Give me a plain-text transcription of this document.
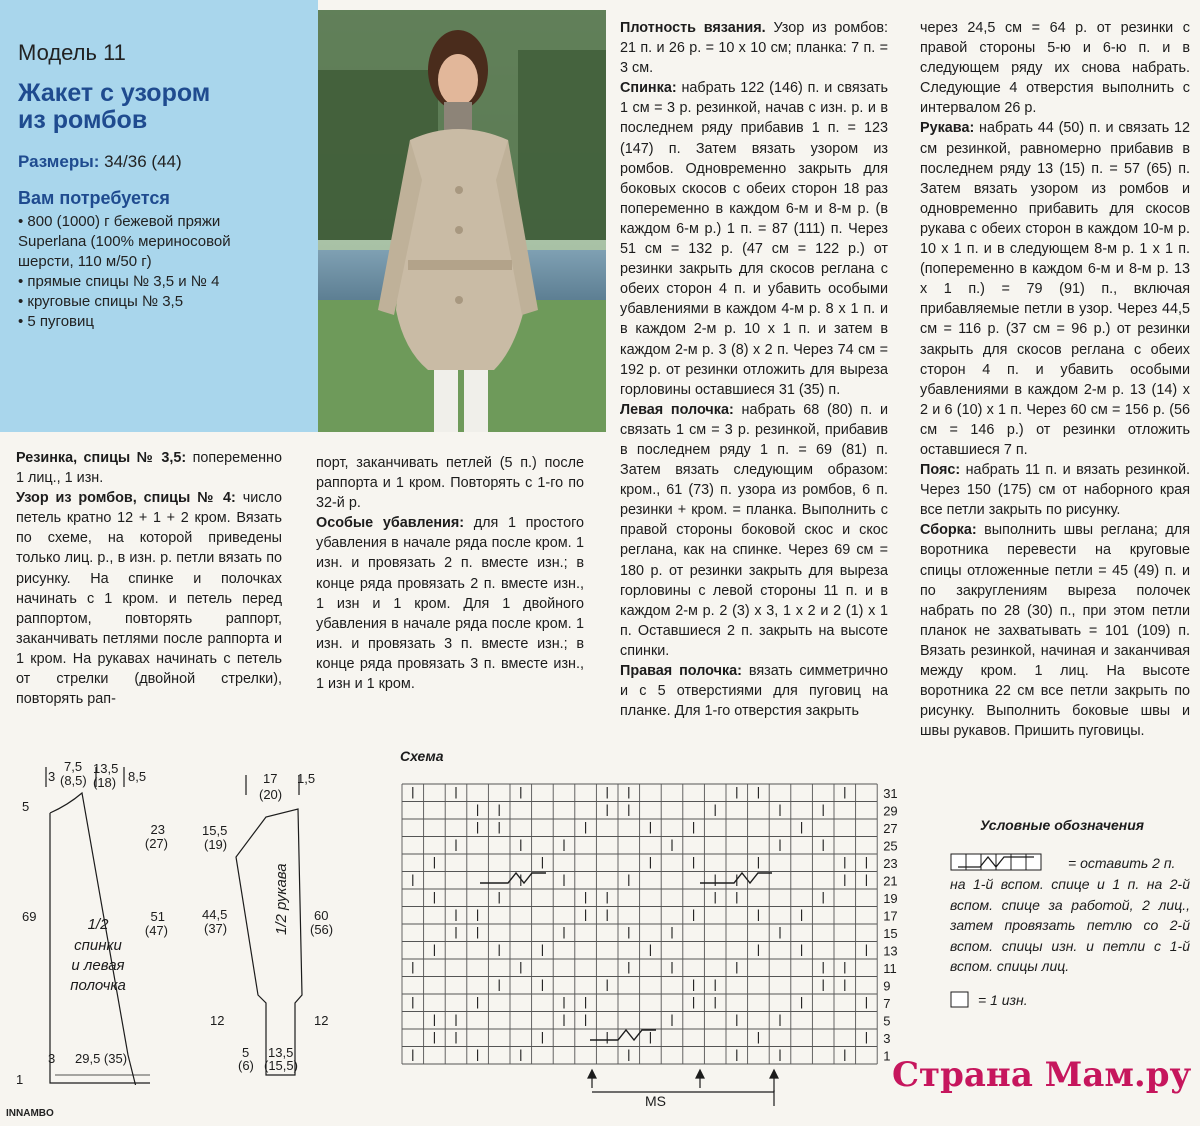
Модель 11
Жакет с узором
из ромбов
Размеры: 34/36 (44)
Вам потребуется
• 800 (1000) г бежевой пряжи
Superlana (100% мериносовой
шерсти, 110 м/50 г)
• прямые спицы № 3,5 и № 4
• круговые спицы № 3,5
• 5 пуговиц

Резинка, спицы № 3,5: попеременно 1 лиц., 1 изн.

Узор из ромбов, спицы № 4: число петель кратно 12 + 1 + 2 кром. Вязать по схеме, на которой приведены только лиц. р., в изн. р. петли вязать по рисунку. На спинке и полочках начинать с 1 кром. и петель перед раппортом, повторять раппорт, заканчивать петлями после раппорта и 1 кром. На рукавах начинать с петель от стрелки (двойной стрелки), повторять рап-

порт, заканчивать петлей (5 п.) после раппорта и 1 кром. Повторять с 1-го по 32-й р.

Особые убавления: для 1 простого убавления в начале ряда после кром. 1 изн. и провязать 2 п. вместе изн.; в конце ряда провязать 2 п. вместе изн., 1 изн и 1 кром. Для 1 двойного убавления в начале ряда после кром. 1 изн. и провязать 3 п. вместе изн.; в конце ряда провязать 3 п. вместе изн., 1 изн и 1 кром.

Плотность вязания. Узор из ромбов: 21 п. и 26 р. = 10 х 10 см; планка: 7 п. = 3 см.

Спинка: набрать 122 (146) п. и связать 1 см = 3 р. резинкой, начав с изн. р. и в последнем ряду прибавив 1 п. = 123 (147) п. Затем вязать узором из ромбов. Одновременно закрыть для боковых скосов с обеих сторон 18 раз попеременно в каждом 6-м и 8-м р. (в каждом 6-м р.) 1 п. = 87 (111) п. Через 51 см = 132 р. (47 см = 122 р.) от резинки закрыть для скосов реглана с обеих сторон 4 п. и убавить особыми убавлениями в каждом 4-м р. 8 х 1 п. и в каждом 2-м р. 10 х 1 п. и затем в каждом 2-м р. 3 (8) х 2 п. Через 74 см = 192 р. от резинки отложить для выреза горловины оставшиеся 31 (35) п.

Левая полочка: набрать 68 (80) п. и связать 1 см = 3 р. резинкой, прибавив в последнем ряду 1 п. = 69 (81) п. Затем вязать следующим образом: кром., 61 (73) п. узора из ромбов, 6 п. резинки + кром. = планка. Выполнить с правой стороны боковой скос и скос реглана, как на спинке. Через 69 см = 180 р. от резинки закрыть для выреза горловины с левой стороны 11 п. и в каждом 2-м р. 2 (3) х 3, 1 х 2 и 2 (1) х 1 п. Оставшиеся 2 п. закрыть на высоте спинки.

Правая полочка: вязать симметрично и с 5 отверстиями для пуговиц на планке. Для 1-го отверстия закрыть

через 24,5 см = 64 р. от резинки с правой стороны 5-ю и 6-ю п. и в следующем ряду их снова набрать. Следующие 4 отверстия выполнить с интервалом 26 р.

Рукава: набрать 44 (50) п. и связать 12 см резинкой, равномерно прибавив в последнем ряду 13 (15) п. = 57 (65) п. Затем вязать узором из ромбов и одновременно прибавить для скосов рукава с обеих сторон в каждом 10-м р. 10 х 1 п. и в следующем 8-м р. 1 х 1 п. (попеременно в каждом 6-м и 8-м р. 13 х 1 п.) = 79 (91) п., включая прибавляемые петли в узор. Через 44,5 см = 116 р. (37 см = 96 р.) от резинки закрыть для скосов реглана с обеих сторон 4 п. и убавить особыми убавлениями в каждом 2-м р. 13 (14) х 2 и 6 (10) х 1 п. Через 60 см = 156 р. (56 см = 146 р.) от резинки отложить оставшиеся 7 п.

Пояс: набрать 11 п. и вязать резинкой. Через 150 (175) см от наборного края все петли закрыть по рисунку.

Сборка: выполнить швы реглана; для воротника перевести на круговые спицы отложенные петли = 45 (49) п. и по закруглениям выреза полочек набрать по 28 (30) п., при этом петли планок не захватывать = 101 (109) п. Вязать резинкой, начиная и заканчивая между кром. 1 лиц. На высоте воротника 22 см все петли закрыть по рисунку. Выполнить боковые швы и швы рукавов. Пришить пуговицы.

3
7,5
(8,5)
13,5
(18) 8,5
5
23
(27)
69	51
(47)
1
3 29,5 (35)
1/2
спинки
и левая
полочка
17
(20)
1,5
15,5
(19)
44,5
(37)
60
(56)
12	12
5
(6)
13,5
(15,5)
1/2 рукава
Схема
31
29
27
25
23
21
19
17
15
13
11
9
7
5
3
1
MS
Условные обозначения
= оставить 2 п.
на 1-й вспом. спице и 1 п. на 2-й вспом. спице за работой, 2 лиц., затем провязать петлю со 2-й вспом. спицы изн. и петли с 1-й вспом. спицы лиц.
= 1 изн.
Страна Мам.ру
INNAMBO
